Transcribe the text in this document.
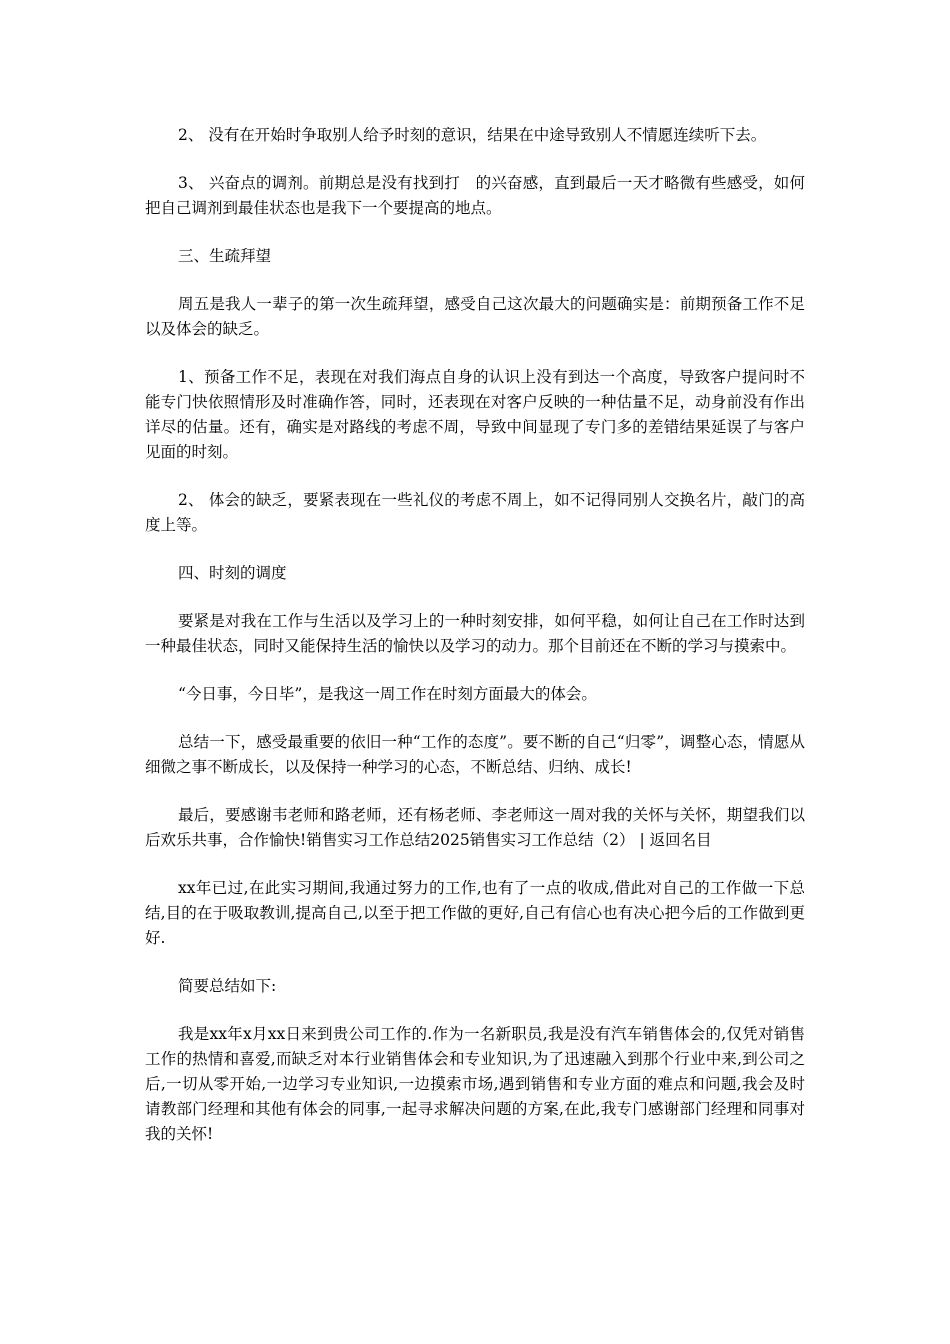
2、 没有在开始时争取别人给予时刻的意识，结果在中途导致别人不情愿连续听下去。

3、 兴奋点的调剂。前期总是没有找到打　的兴奋感，直到最后一天才略微有些感受，如何把自己调剂到最佳状态也是我下一个要提高的地点。

三、生疏拜望

周五是我人一辈子的第一次生疏拜望，感受自己这次最大的问题确实是：前期预备工作不足以及体会的缺乏。

1、预备工作不足，表现在对我们海点自身的认识上没有到达一个高度，导致客户提问时不能专门快依照情形及时准确作答，同时，还表现在对客户反映的一种估量不足，动身前没有作出详尽的估量。还有，确实是对路线的考虑不周，导致中间显现了专门多的差错结果延误了与客户见面的时刻。

2、 体会的缺乏，要紧表现在一些礼仪的考虑不周上，如不记得同别人交换名片，敲门的高度上等。

四、时刻的调度

要紧是对我在工作与生活以及学习上的一种时刻安排，如何平稳，如何让自己在工作时达到一种最佳状态，同时又能保持生活的愉快以及学习的动力。那个目前还在不断的学习与摸索中。

“今日事，今日毕”，是我这一周工作在时刻方面最大的体会。

总结一下，感受最重要的依旧一种“工作的态度”。要不断的自己“归零”，调整心态，情愿从细微之事不断成长，以及保持一种学习的心态，不断总结、归纳、成长!

最后，要感谢韦老师和路老师，还有杨老师、李老师这一周对我的关怀与关怀，期望我们以后欢乐共事，合作愉快!销售实习工作总结2025销售实习工作总结（2） | 返回名目

xx年已过,在此实习期间,我通过努力的工作,也有了一点的收成,借此对自己的工作做一下总结,目的在于吸取教训,提高自己,以至于把工作做的更好,自己有信心也有决心把今后的工作做到更好.

简要总结如下:

我是xx年x月xx日来到贵公司工作的.作为一名新职员,我是没有汽车销售体会的,仅凭对销售工作的热情和喜爱,而缺乏对本行业销售体会和专业知识,为了迅速融入到那个行业中来,到公司之后,一切从零开始,一边学习专业知识,一边摸索市场,遇到销售和专业方面的难点和问题,我会及时请教部门经理和其他有体会的同事,一起寻求解决问题的方案,在此,我专门感谢部门经理和同事对我的关怀!
